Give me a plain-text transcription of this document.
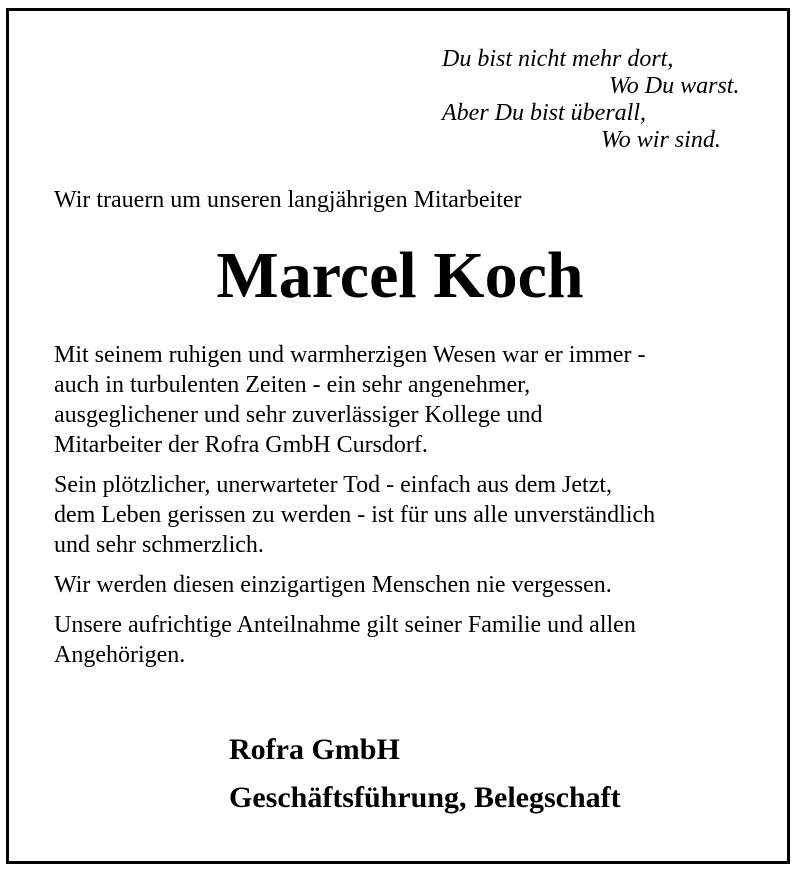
Du bist nicht mehr dort,
Wo Du warst.
Aber Du bist überall,
Wo wir sind.

Wir trauern um unseren langjährigen Mitarbeiter

Marcel Koch

Mit seinem ruhigen und warmherzigen Wesen war er immer -
auch in turbulenten Zeiten - ein sehr angenehmer,
ausgeglichener und sehr zuverlässiger Kollege und
Mitarbeiter der Rofra GmbH Cursdorf.

Sein plötzlicher, unerwarteter Tod - einfach aus dem Jetzt,
dem Leben gerissen zu werden - ist für uns alle unverständlich
und sehr schmerzlich.

Wir werden diesen einzigartigen Menschen nie vergessen.

Unsere aufrichtige Anteilnahme gilt seiner Familie und allen
Angehörigen.

Rofra GmbH
Geschäftsführung, Belegschaft
